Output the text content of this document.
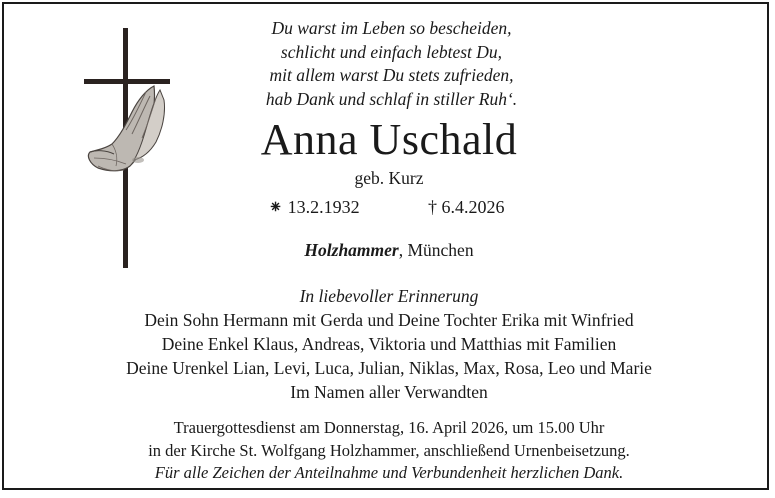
Du warst im Leben so bescheiden,
schlicht und einfach lebtest Du,
mit allem warst Du stets zufrieden,
hab Dank und schlaf in stiller Ruh‘.
Anna Uschald
geb. Kurz
⁕ 13.2.1932	† 6.4.2026
Holzhammer, München
In liebevoller Erinnerung
Dein Sohn Hermann mit Gerda und Deine Tochter Erika mit Winfried
Deine Enkel Klaus, Andreas, Viktoria und Matthias mit Familien
Deine Urenkel Lian, Levi, Luca, Julian, Niklas, Max, Rosa, Leo und Marie
Im Namen aller Verwandten
Trauergottesdienst am Donnerstag, 16. April 2026, um 15.00 Uhr
in der Kirche St. Wolfgang Holzhammer, anschließend Urnenbeisetzung.
Für alle Zeichen der Anteilnahme und Verbundenheit herzlichen Dank.
